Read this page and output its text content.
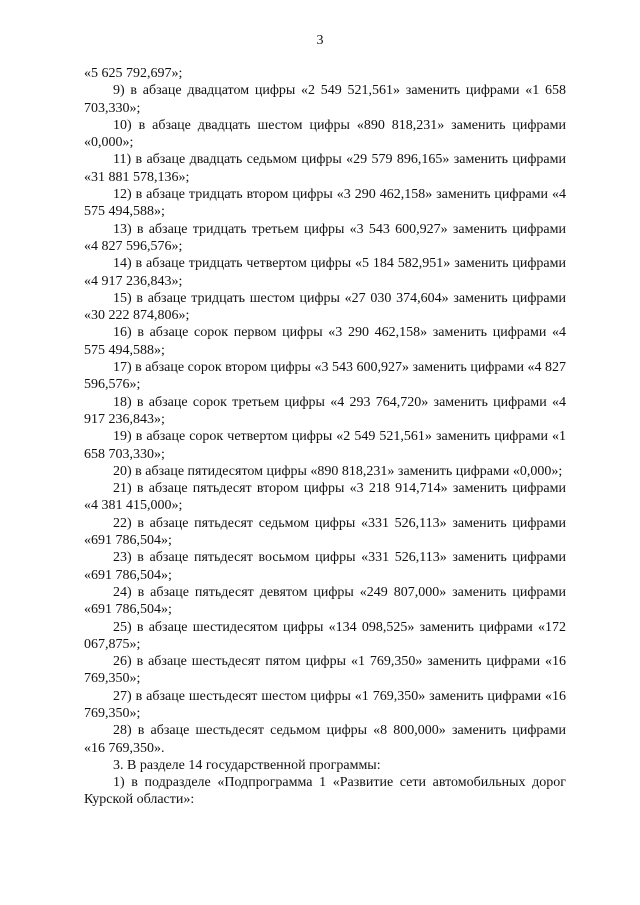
3

«5 625 792,697»;

9) в абзаце двадцатом цифры «2 549 521,561» заменить цифрами «1 658 703,330»;

10) в абзаце двадцать шестом цифры «890 818,231» заменить цифрами «0,000»;

11) в абзаце двадцать седьмом цифры «29 579 896,165» заменить цифрами «31 881 578,136»;

12) в абзаце тридцать втором цифры «3 290 462,158» заменить цифрами «4 575 494,588»;

13) в абзаце тридцать третьем цифры «3 543 600,927» заменить цифрами «4 827 596,576»;

14) в абзаце тридцать четвертом цифры «5 184 582,951» заменить цифрами «4 917 236,843»;

15) в абзаце тридцать шестом цифры «27 030 374,604» заменить цифрами «30 222 874,806»;

16) в абзаце сорок первом цифры «3 290 462,158» заменить цифрами «4 575 494,588»;

17) в абзаце сорок втором цифры «3 543 600,927» заменить цифрами «4 827 596,576»;

18) в абзаце сорок третьем цифры «4 293 764,720» заменить цифрами «4 917 236,843»;

19) в абзаце сорок четвертом цифры «2 549 521,561» заменить цифрами «1 658 703,330»;

20) в абзаце пятидесятом цифры «890 818,231» заменить цифрами «0,000»;

21) в абзаце пятьдесят втором цифры «3 218 914,714» заменить цифрами «4 381 415,000»;

22) в абзаце пятьдесят седьмом цифры «331 526,113» заменить цифрами «691 786,504»;

23) в абзаце пятьдесят восьмом цифры «331 526,113» заменить цифрами «691 786,504»;

24) в абзаце пятьдесят девятом цифры «249 807,000» заменить цифрами «691 786,504»;

25) в абзаце шестидесятом цифры «134 098,525» заменить цифрами «172 067,875»;

26) в абзаце шестьдесят пятом цифры «1 769,350» заменить цифрами «16 769,350»;

27) в абзаце шестьдесят шестом цифры «1 769,350» заменить цифрами «16 769,350»;

28) в абзаце шестьдесят седьмом цифры «8 800,000» заменить цифрами «16 769,350».

3. В разделе 14 государственной программы:

1) в подразделе «Подпрограмма 1 «Развитие сети автомобильных дорог Курской области»:
